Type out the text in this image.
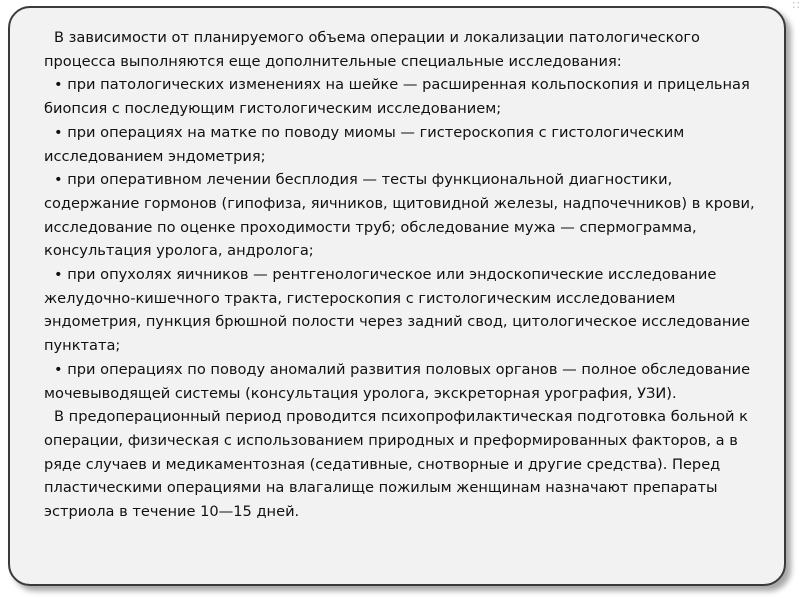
В зависимости от планируемого объема операции и локализации патологического процесса выполняются еще дополнительные специальные исследования:

• при патологических изменениях на шейке — расширенная кольпоскопия и прицельная биопсия с последующим гистологическим исследованием;

• при операциях на матке по поводу миомы — гистероскопия с гистологическим исследованием эндометрия;

• при оперативном лечении бесплодия — тесты функциональной диагностики, содержание гормонов (гипофиза, яичников, щитовидной железы, надпочечников) в крови, исследование по оценке проходимости труб; обследование мужа — спермограмма, консультация уролога, андролога;

• при опухолях яичников — рентгенологическое или эндоскопические исследование желудочно-кишечного тракта, гистероскопия с гистологическим исследованием эндометрия, пункция брюшной полости через задний свод, цитологическое исследование пунктата;

• при операциях по поводу аномалий развития половых органов — полное обследование мочевыводящей системы (консультация уролога, экскреторная урография, УЗИ).

В предоперационный период проводится психопрофилактическая подготовка больной к операции, физическая с использованием природных и преформированных факторов, а в ряде случаев и медикаментозная (седативные, снотворные и другие средства). Перед пластическими операциями на влагалище пожилым женщинам назначают препараты эстриола в течение 10—15 дней.
